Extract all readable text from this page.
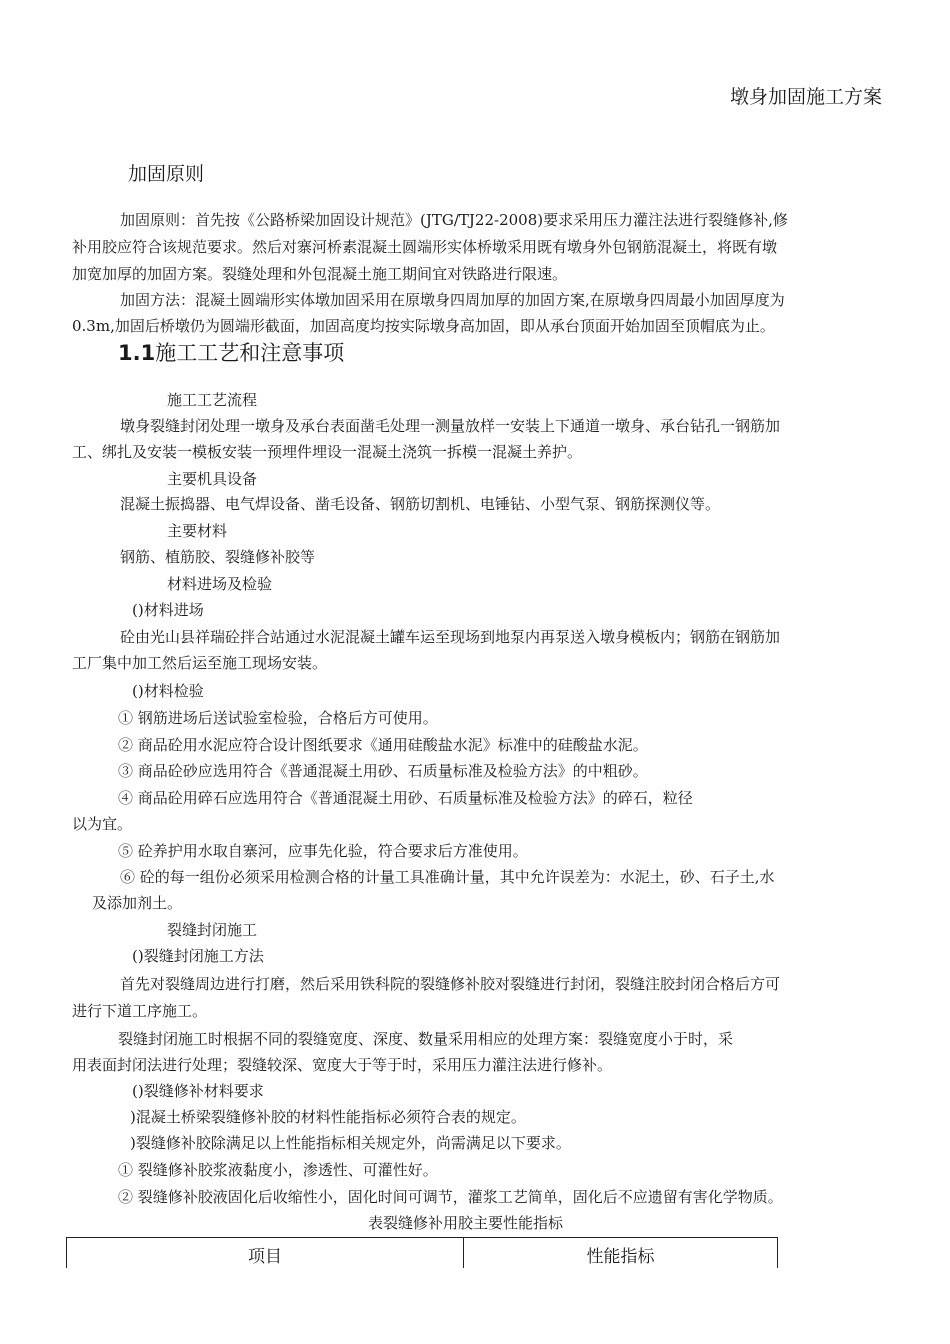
墩身加固施工方案
加固原则
加固原则：首先按《公路桥梁加固设计规范》(JTG/TJ22-2008)要求采用压力灌注法进行裂缝修补,修
补用胶应符合该规范要求。然后对寨河桥素混凝土圆端形实体桥墩采用既有墩身外包钢筋混凝土，将既有墩
加宽加厚的加固方案。裂缝处理和外包混凝土施工期间宜对铁路进行限速。
加固方法：混凝土圆端形实体墩加固采用在原墩身四周加厚的加固方案,在原墩身四周最小加固厚度为
0.3m,加固后桥墩仍为圆端形截面，加固高度均按实际墩身高加固，即从承台顶面开始加固至顶帽底为止。
1.1施工工艺和注意事项
施工工艺流程
墩身裂缝封闭处理一墩身及承台表面凿毛处理一测量放样一安装上下通道一墩身、承台钻孔一钢筋加
工、绑扎及安装一模板安装一预埋件埋设一混凝土浇筑一拆模一混凝土养护。
主要机具设备
混凝土振捣器、电气焊设备、凿毛设备、钢筋切割机、电锤钻、小型气泵、钢筋探测仪等。
主要材料
钢筋、植筋胶、裂缝修补胶等
材料进场及检验
()材料进场
砼由光山县祥瑞砼拌合站通过水泥混凝土罐车运至现场到地泵内再泵送入墩身模板内；钢筋在钢筋加
工厂集中加工然后运至施工现场安装。
()材料检验
① 钢筋进场后送试验室检验，合格后方可使用。
② 商品砼用水泥应符合设计图纸要求《通用硅酸盐水泥》标准中的硅酸盐水泥。
③ 商品砼砂应选用符合《普通混凝土用砂、石质量标准及检验方法》的中粗砂。
④ 商品砼用碎石应选用符合《普通混凝土用砂、石质量标准及检验方法》的碎石，粒径
以为宜。
⑤ 砼养护用水取自寨河，应事先化验，符合要求后方准使用。
⑥ 砼的每一组份必须采用检测合格的计量工具准确计量，其中允许误差为：水泥土，砂、石子土,水
及添加剂土。
裂缝封闭施工
()裂缝封闭施工方法
首先对裂缝周边进行打磨，然后采用铁科院的裂缝修补胶对裂缝进行封闭，裂缝注胶封闭合格后方可
进行下道工序施工。
裂缝封闭施工时根据不同的裂缝宽度、深度、数量采用相应的处理方案：裂缝宽度小于时，采
用表面封闭法进行处理；裂缝较深、宽度大于等于时，采用压力灌注法进行修补。
()裂缝修补材料要求
)混凝土桥梁裂缝修补胶的材料性能指标必须符合表的规定。
)裂缝修补胶除满足以上性能指标相关规定外，尚需满足以下要求。
① 裂缝修补胶浆液黏度小，渗透性、可灌性好。
② 裂缝修补胶液固化后收缩性小，固化时间可调节，灌浆工艺简单，固化后不应遗留有害化学物质。
表裂缝修补用胶主要性能指标
项目	性能指标
